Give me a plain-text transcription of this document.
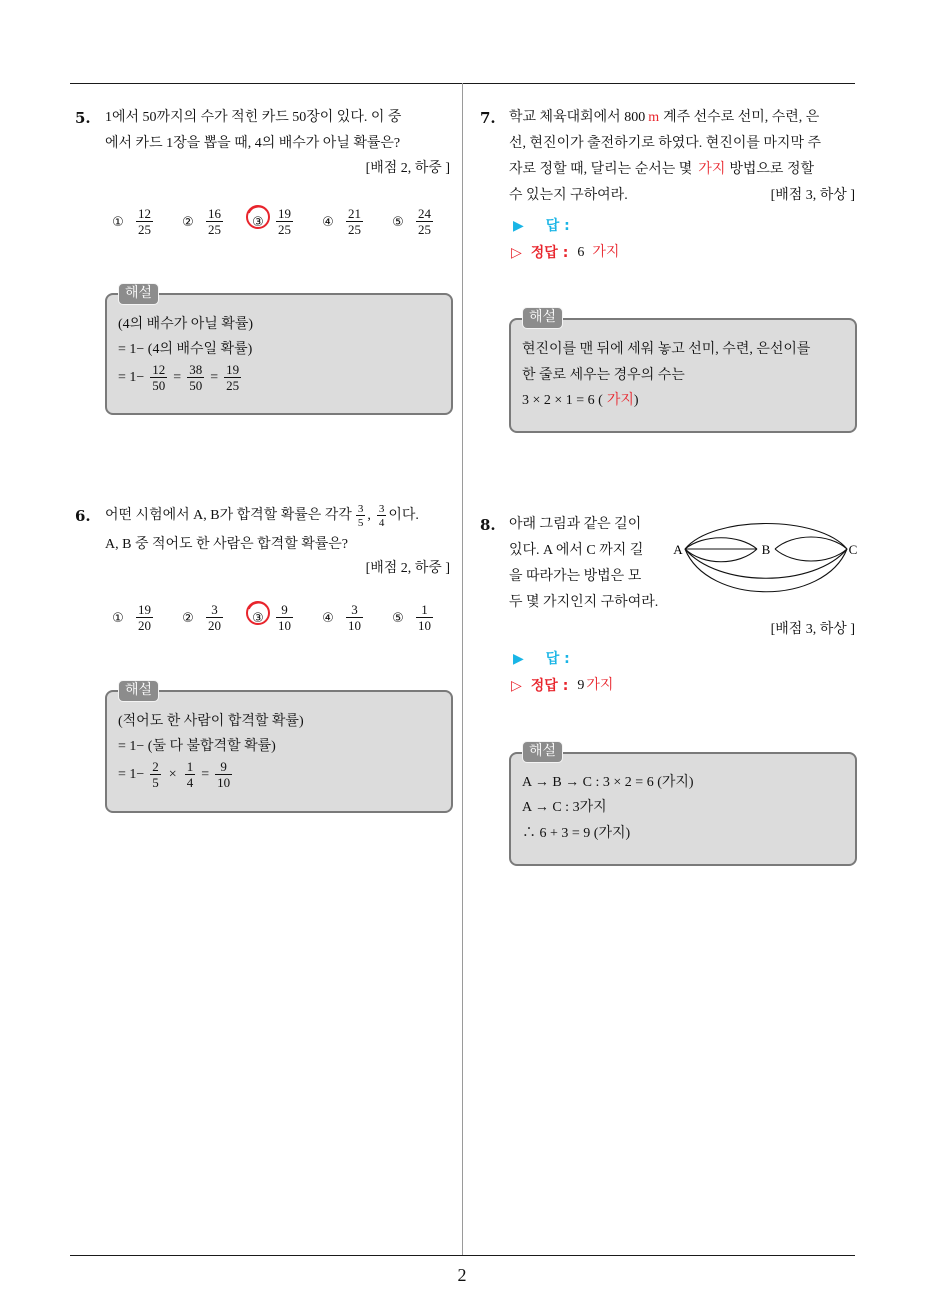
5. 1에서 50까지의 수가 적힌 카드 50장이 있다. 이 중
에서 카드 1장을 뽑을 때, 4의 배수가 아닐 확률은?
[배점 2, 하중 ]
① $\frac{12}{25}$ ② $\frac{16}{25}$ ③ $\frac{19}{25}$ ④ $\frac{21}{25}$ ⑤ $\frac{24}{25}$
해설
(4의 배수가 아닐 확률)
= 1− (4의 배수일 확률)
= $1- \frac{12}{50} = \frac{38}{50} = \frac{19}{25}$
6. 어떤 시험에서 A, B가 합격할 확률은 각각 $\frac{3}{5}$ , $\frac{3}{4}$ 이다.
A, B 중 적어도 한 사람은 합격할 확률은?
[배점 2, 하중 ]
① $\frac{19}{20}$ ② $\frac{3}{20}$ ③ $\frac{9}{10}$ ④ $\frac{3}{10}$ ⑤ $\frac{1}{10}$
해설
(적어도 한 사람이 합격할 확률)
= 1− (둘 다 불합격할 확률)
= $1- \frac{2}{5} \times \frac{1}{4} = \frac{9}{10}$
7. 학교 체육대회에서 800 m 계주 선수로 선미, 수련, 은
선, 현진이가 출전하기로 하였다. 현진이를 마지막 주
자로 정할 때, 달리는 순서는 몇 가지 방법으로 정할
수 있는지 구하여라.	[배점 3, 하상 ]
▶ 답 :
▷ 정답 : 6 가지
해설
현진이를 맨 뒤에 세워 놓고 선미, 수련, 은선이를
한 줄로 세우는 경우의 수는
3 × 2 × 1 = 6 ( 가지)
8. 아래 그림과 같은 길이
있다. A 에서 C 까지 길
을 따라가는 방법은 모
두 몇 가지인지 구하여라.
A	B	C
[배점 3, 하상 ]
▶ 답 :
▷ 정답 : 9 가지
해설
A → B → C : 3 × 2 = 6 (가지)
A → C : 3가지
∴ 6 + 3 = 9 (가지)
2
